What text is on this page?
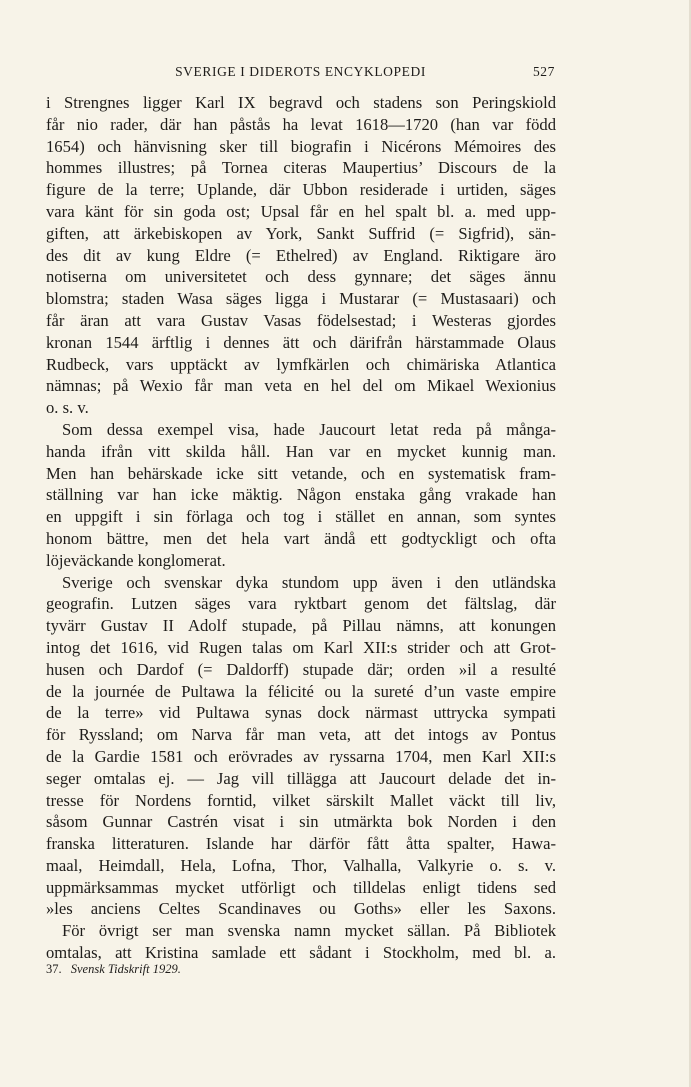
SVERIGE I DIDEROTS ENCYKLOPEDI	527
i Strengnes ligger Karl IX begravd och stadens son Peringskiold
får nio rader, där han påstås ha levat 1618—1720 (han var född
1654) och hänvisning sker till biografin i Nicérons Mémoires des
hommes illustres; på Tornea citeras Maupertius’ Discours de la
figure de la terre; Uplande, där Ubbon residerade i urtiden, säges
vara känt för sin goda ost; Upsal får en hel spalt bl. a. med upp-
giften, att ärkebiskopen av York, Sankt Suffrid (= Sigfrid), sän-
des dit av kung Eldre (= Ethelred) av England. Riktigare äro
notiserna om universitetet och dess gynnare; det säges ännu
blomstra; staden Wasa säges ligga i Mustarar (= Mustasaari) och
får äran att vara Gustav Vasas födelsestad; i Westeras gjordes
kronan 1544 ärftlig i dennes ätt och därifrån härstammade Olaus
Rudbeck, vars upptäckt av lymfkärlen och chimäriska Atlantica
nämnas; på Wexio får man veta en hel del om Mikael Wexionius
o. s. v.
Som dessa exempel visa, hade Jaucourt letat reda på många-
handa ifrån vitt skilda håll. Han var en mycket kunnig man.
Men han behärskade icke sitt vetande, och en systematisk fram-
ställning var han icke mäktig. Någon enstaka gång vrakade han
en uppgift i sin förlaga och tog i stället en annan, som syntes
honom bättre, men det hela vart ändå ett godtyckligt och ofta
löjeväckande konglomerat.
Sverige och svenskar dyka stundom upp även i den utländska
geografin. Lutzen säges vara ryktbart genom det fältslag, där
tyvärr Gustav II Adolf stupade, på Pillau nämns, att konungen
intog det 1616, vid Rugen talas om Karl XII:s strider och att Grot-
husen och Dardof (= Daldorff) stupade där; orden »il a resulté
de la journée de Pultawa la félicité ou la sureté d’un vaste empire
de la terre» vid Pultawa synas dock närmast uttrycka sympati
för Ryssland; om Narva får man veta, att det intogs av Pontus
de la Gardie 1581 och erövrades av ryssarna 1704, men Karl XII:s
seger omtalas ej. — Jag vill tillägga att Jaucourt delade det in-
tresse för Nordens forntid, vilket särskilt Mallet väckt till liv,
såsom Gunnar Castrén visat i sin utmärkta bok Norden i den
franska litteraturen. Islande har därför fått åtta spalter, Hawa-
maal, Heimdall, Hela, Lofna, Thor, Valhalla, Valkyrie o. s. v.
uppmärksammas mycket utförligt och tilldelas enligt tidens sed
»les anciens Celtes Scandinaves ou Goths» eller les Saxons.
För övrigt ser man svenska namn mycket sällan. På Bibliotek
omtalas, att Kristina samlade ett sådant i Stockholm, med bl. a.
37. Svensk Tidskrift 1929.
